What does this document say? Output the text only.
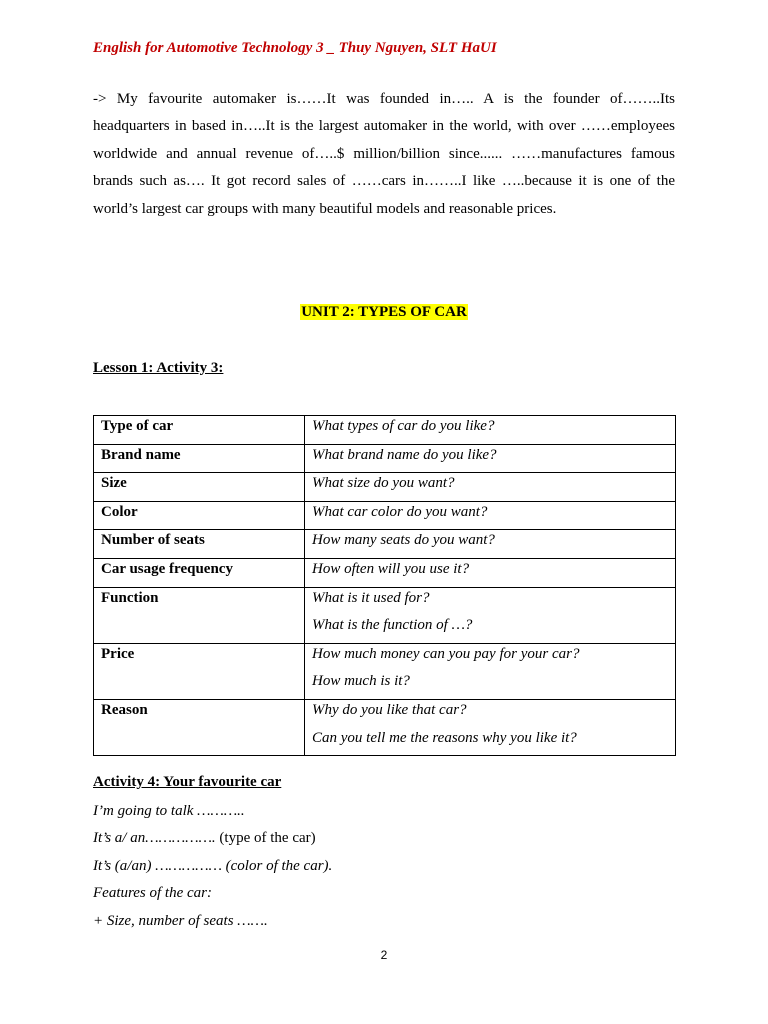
English for Automotive Technology 3 _ Thuy Nguyen, SLT HaUI

-> My favourite automaker is……It was founded in….. A is the founder of……..Its headquarters in based in…..It is the largest automaker in the world, with over ……employees worldwide and annual revenue of…..$ million/billion since...... ……manufactures famous brands such as…. It got record sales of ……cars in……..I like …..because it is one of the world’s largest car groups with many beautiful models and reasonable prices.

UNIT 2: TYPES OF CAR
Lesson 1: Activity 3:
Type of car	What types of car do you like?

Brand name	What brand name do you like?

Size	What size do you want?

Color	What car color do you want?

Number of seats	How many seats do you want?

Car usage frequency	How often will you use it?

Function	What is it used for?
What is the function of …?

Price	How much money can you pay for your car?
How much is it?

Reason	Why do you like that car?
Can you tell me the reasons why you like it?
Activity 4: Your favourite car
I’m going to talk ………..
It’s a/ an……………. (type of the car)
It’s (a/an) …………… (color of the car).
Features of the car:
+ Size, number of seats …….
2
